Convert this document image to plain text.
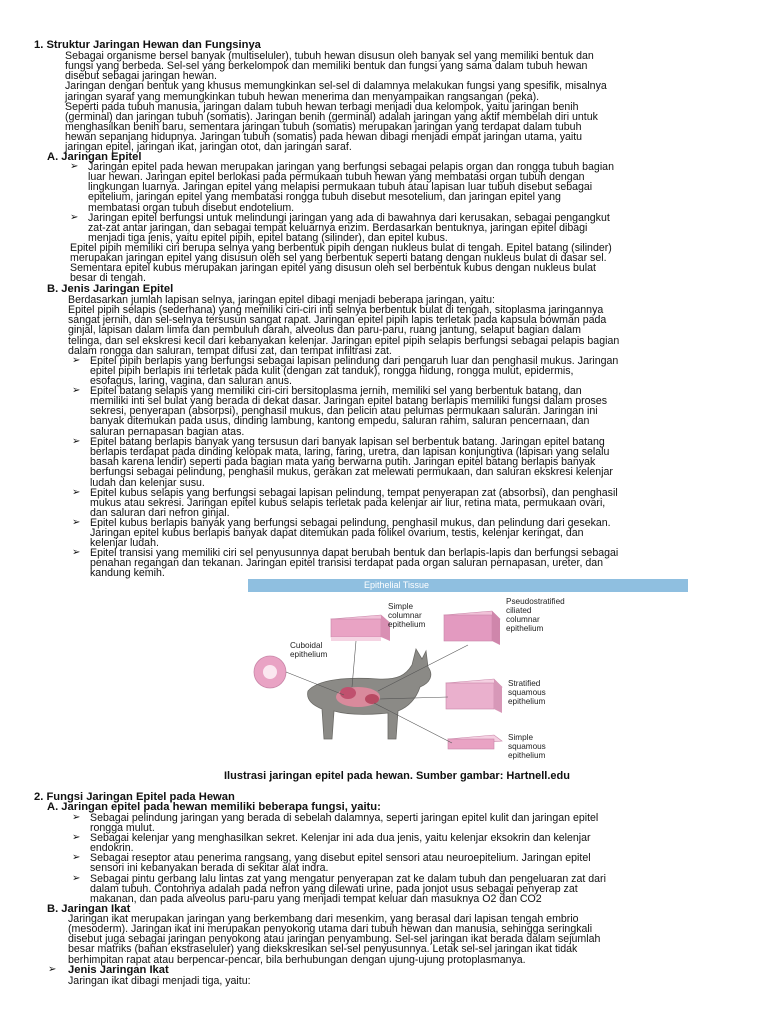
1. Struktur Jaringan Hewan dan Fungsinya
Sebagai organisme bersel banyak (multiseluler), tubuh hewan disusun oleh banyak sel yang memiliki bentuk dan
fungsi yang berbeda. Sel-sel yang berkelompok dan memiliki bentuk dan fungsi yang sama dalam tubuh hewan
disebut sebagai jaringan hewan.
Jaringan dengan bentuk yang khusus memungkinkan sel-sel di dalamnya melakukan fungsi yang spesifik, misalnya
jaringan syaraf yang memungkinkan tubuh hewan menerima dan menyampaikan rangsangan (peka).
Seperti pada tubuh manusia, jaringan dalam tubuh hewan terbagi menjadi dua kelompok, yaitu jaringan benih
(germinal) dan jaringan tubuh (somatis). Jaringan benih (germinal) adalah jaringan yang aktif membelah diri untuk
menghasilkan benih baru, sementara jaringan tubuh (somatis) merupakan jaringan yang terdapat dalam tubuh
hewan sepanjang hidupnya. Jaringan tubuh (somatis) pada hewan dibagi menjadi empat jaringan utama, yaitu
jaringan epitel, jaringan ikat, jaringan otot, dan jaringan saraf.
A. Jaringan Epitel
➢ Jaringan epitel pada hewan merupakan jaringan yang berfungsi sebagai pelapis organ dan rongga tubuh bagian
luar hewan. Jaringan epitel berlokasi pada permukaan tubuh hewan yang membatasi organ tubuh dengan
lingkungan luarnya. Jaringan epitel yang melapisi permukaan tubuh atau lapisan luar tubuh disebut sebagai
epitelium, jaringan epitel yang membatasi rongga tubuh disebut mesotelium, dan jaringan epitel yang
membatasi organ tubuh disebut endotelium.
➢ Jaringan epitel berfungsi untuk melindungi jaringan yang ada di bawahnya dari kerusakan, sebagai pengangkut
zat-zat antar jaringan, dan sebagai tempat keluarnya enzim. Berdasarkan bentuknya, jaringan epitel dibagi
menjadi tiga jenis, yaitu epitel pipih, epitel batang (silinder), dan epitel kubus.
Epitel pipih memiliki ciri berupa selnya yang berbentuk pipih dengan nukleus bulat di tengah. Epitel batang (silinder)
merupakan jaringan epitel yang disusun oleh sel yang berbentuk seperti batang dengan nukleus bulat di dasar sel.
Sementara epitel kubus merupakan jaringan epitel yang disusun oleh sel berbentuk kubus dengan nukleus bulat
besar di tengah.
B. Jenis Jaringan Epitel
Berdasarkan jumlah lapisan selnya, jaringan epitel dibagi menjadi beberapa jaringan, yaitu:
Epitel pipih selapis (sederhana) yang memiliki ciri-ciri inti selnya berbentuk bulat di tengah, sitoplasma jaringannya
sangat jernih, dan sel-selnya tersusun sangat rapat. Jaringan epitel pipih lapis terletak pada kapsula bowman pada
ginjal, lapisan dalam limfa dan pembuluh darah, alveolus dan paru-paru, ruang jantung, selaput bagian dalam
telinga, dan sel ekskresi kecil dari kebanyakan kelenjar. Jaringan epitel pipih selapis berfungsi sebagai pelapis bagian
dalam rongga dan saluran, tempat difusi zat, dan tempat infiltrasi zat.
➢ Epitel pipih berlapis yang berfungsi sebagai lapisan pelindung dari pengaruh luar dan penghasil mukus. Jaringan
epitel pipih berlapis ini terletak pada kulit (dengan zat tanduk), rongga hidung, rongga mulut, epidermis,
esofagus, laring, vagina, dan saluran anus.
➢ Epitel batang selapis yang memiliki ciri-ciri bersitoplasma jernih, memiliki sel yang berbentuk batang, dan
memiliki inti sel bulat yang berada di dekat dasar. Jaringan epitel batang berlapis memiliki fungsi dalam proses
sekresi, penyerapan (absorpsi), penghasil mukus, dan pelicin atau pelumas permukaan saluran. Jaringan ini
banyak ditemukan pada usus, dinding lambung, kantong empedu, saluran rahim, saluran pencernaan, dan
saluran pernapasan bagian atas.
➢ Epitel batang berlapis banyak yang tersusun dari banyak lapisan sel berbentuk batang. Jaringan epitel batang
berlapis terdapat pada dinding kelopak mata, laring, faring, uretra, dan lapisan konjungtiva (lapisan yang selalu
basah karena lendir) seperti pada bagian mata yang berwarna putih. Jaringan epitel batang berlapis banyak
berfungsi sebagai pelindung, penghasil mukus, gerakan zat melewati permukaan, dan saluran ekskresi kelenjar
ludah dan kelenjar susu.
➢ Epitel kubus selapis yang berfungsi sebagai lapisan pelindung, tempat penyerapan zat (absorbsi), dan penghasil
mukus atau sekresi. Jaringan epitel kubus selapis terletak pada kelenjar air liur, retina mata, permukaan ovari,
dan saluran dari nefron ginjal.
➢ Epitel kubus berlapis banyak yang berfungsi sebagai pelindung, penghasil mukus, dan pelindung dari gesekan.
Jaringan epitel kubus berlapis banyak dapat ditemukan pada folikel ovarium, testis, kelenjar keringat, dan
kelenjar ludah.
➢ Epitel transisi yang memiliki ciri sel penyusunnya dapat berubah bentuk dan berlapis-lapis dan berfungsi sebagai
penahan regangan dan tekanan. Jaringan epitel transisi terdapat pada organ saluran pernapasan, ureter, dan
kandung kemih.
2. Fungsi Jaringan Epitel pada Hewan
A. Jaringan epitel pada hewan memiliki beberapa fungsi, yaitu:
➢ Sebagai pelindung jaringan yang berada di sebelah dalamnya, seperti jaringan epitel kulit dan jaringan epitel
rongga mulut.
➢ Sebagai kelenjar yang menghasilkan sekret. Kelenjar ini ada dua jenis, yaitu kelenjar eksokrin dan kelenjar
endokrin.
➢ Sebagai reseptor atau penerima rangsang, yang disebut epitel sensori atau neuroepitelium. Jaringan epitel
sensori ini kebanyakan berada di sekitar alat indra.
➢ Sebagai pintu gerbang lalu lintas zat yang mengatur penyerapan zat ke dalam tubuh dan pengeluaran zat dari
dalam tubuh. Contohnya adalah pada nefron yang dilewati urine, pada jonjot usus sebagai penyerap zat
makanan, dan pada alveolus paru-paru yang menjadi tempat keluar dan masuknya O2 dan CO2
B. Jaringan Ikat
Jaringan ikat merupakan jaringan yang berkembang dari mesenkim, yang berasal dari lapisan tengah embrio
(mesoderm). Jaringan ikat ini merupakan penyokong utama dari tubuh hewan dan manusia, sehingga seringkali
disebut juga sebagai jaringan penyokong atau jaringan penyambung. Sel-sel jaringan ikat berada dalam sejumlah
besar matriks (bahan ekstraseluler) yang diekskresikan sel-sel penyusunnya. Letak sel-sel jaringan ikat tidak
berhimpitan rapat atau berpencar-pencar, bila berhubungan dengan ujung-ujung protoplasmanya.
➢ Jenis Jaringan Ikat
Jaringan ikat dibagi menjadi tiga, yaitu:
Epithelial Tissue
Simple
columnar
epithelium
Pseudostratified
ciliated
columnar
epithelium
Cuboidal
epithelium
Stratified
squamous
epithelium
Simple
squamous
epithelium
Ilustrasi jaringan epitel pada hewan. Sumber gambar: Hartnell.edu
